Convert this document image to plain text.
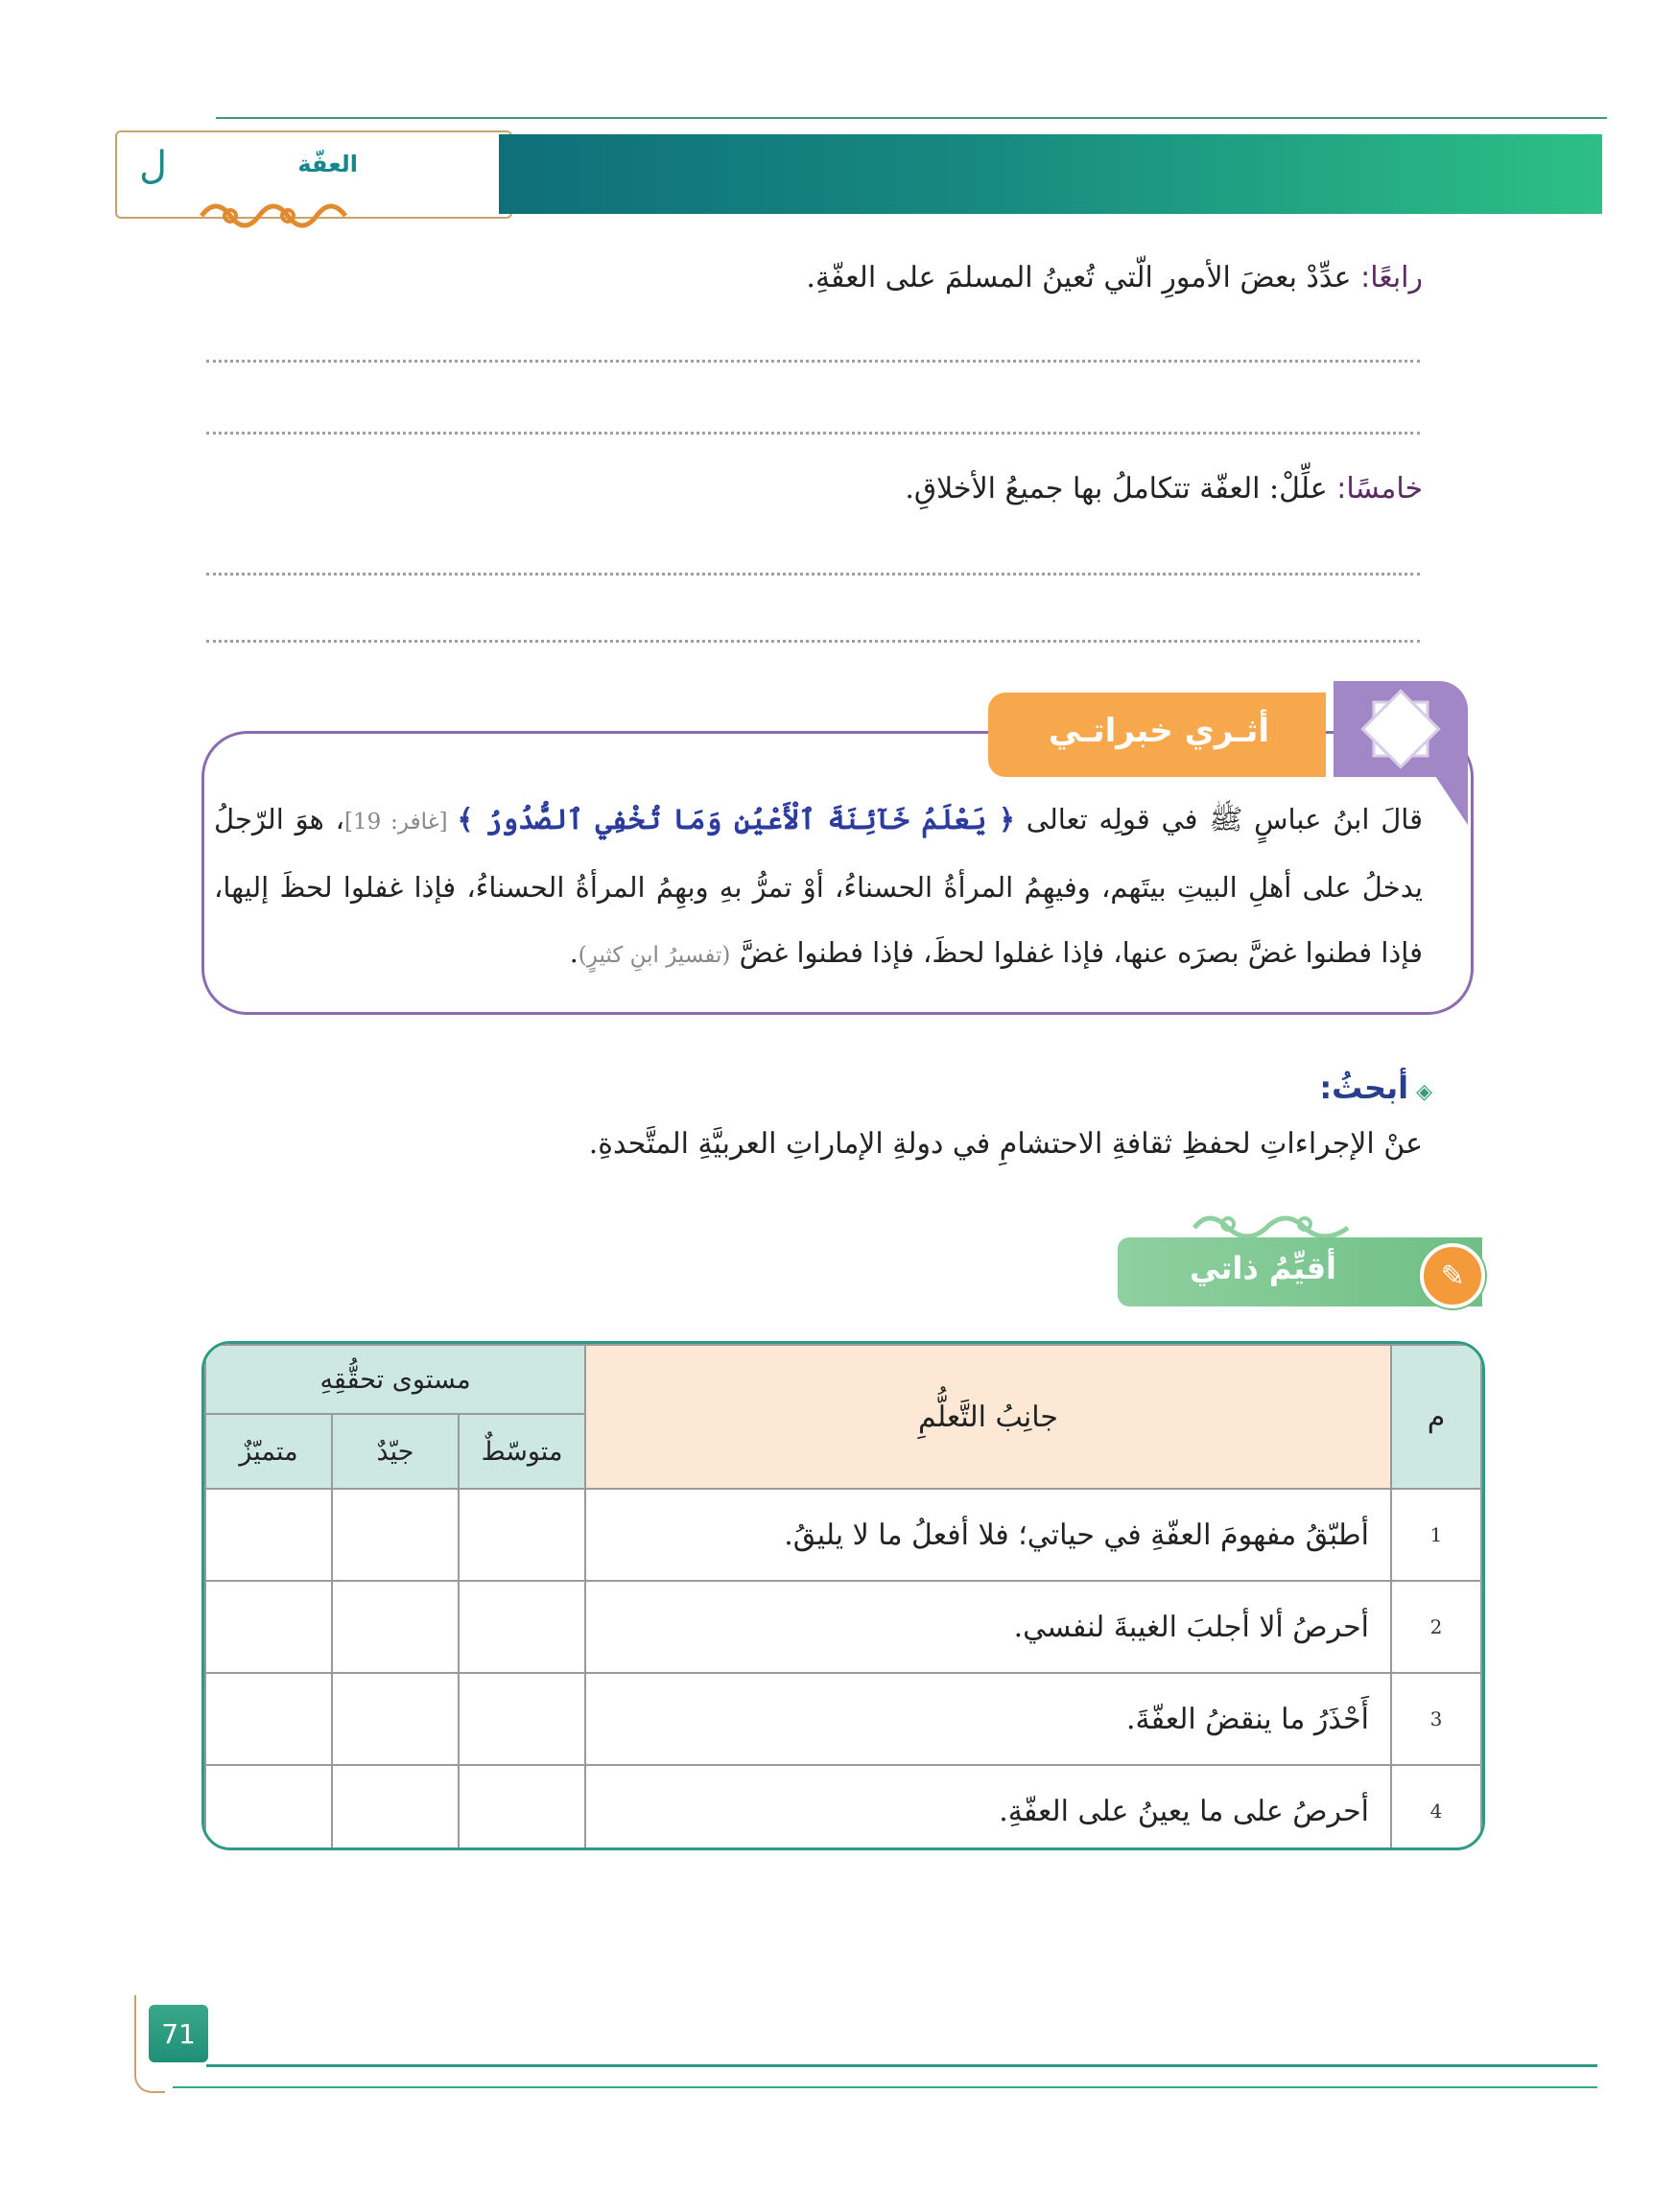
ﻝ	العفّة
رابعًا: عدِّدْ بعضَ الأمورِ الّتي تُعينُ المسلمَ على العفّةِ.
خامسًا: علِّلْ: العفّة تتكاملُ بها جميعُ الأخلاقِ.
أثـري خبراتـي
قالَ ابنُ عباسٍ ﷺ في قولِه تعالى ﴿ يَعْلَمُ خَآئِنَةَ ٱلْأَعْيُنِ وَمَا تُخْفِي ٱلصُّدُورُ ﴾ [غافر: 19]، هوَ الرّجلُ يدخلُ على أهلِ البيتِ بيتَهم، وفيهِمُ المرأةُ الحسناءُ، أوْ تمرُّ بهِ وبهِمُ المرأةُ الحسناءُ، فإذا غفلوا لحظَ إليها، فإذا فطنوا غضَّ بصرَه عنها، فإذا غفلوا لحظَ، فإذا فطنوا غضَّ (تفسيرُ ابنِ كثيرٍ).
◈أبحثُ:
عنْ الإجراءاتِ لحفظِ ثقافةِ الاحتشامِ في دولةِ الإماراتِ العربيَّةِ المتَّحدةِ.
أقيِّمُ ذاتي	✎
م	جانِبُ التَّعلُّمِ	مستوى تحقُّقِهِ		
		متوسّطٌ	جيّدٌ	متميّزٌ
1	أطبّقُ مفهومَ العفّةِ في حياتي؛ فلا أفعلُ ما لا يليقُ.			
2	أحرصُ ألا أجلبَ الغيبةَ لنفسي.			
3	أَحْذَرُ ما ينقضُ العفّةَ.			
4	أحرصُ على ما يعينُ على العفّةِ.			
71
